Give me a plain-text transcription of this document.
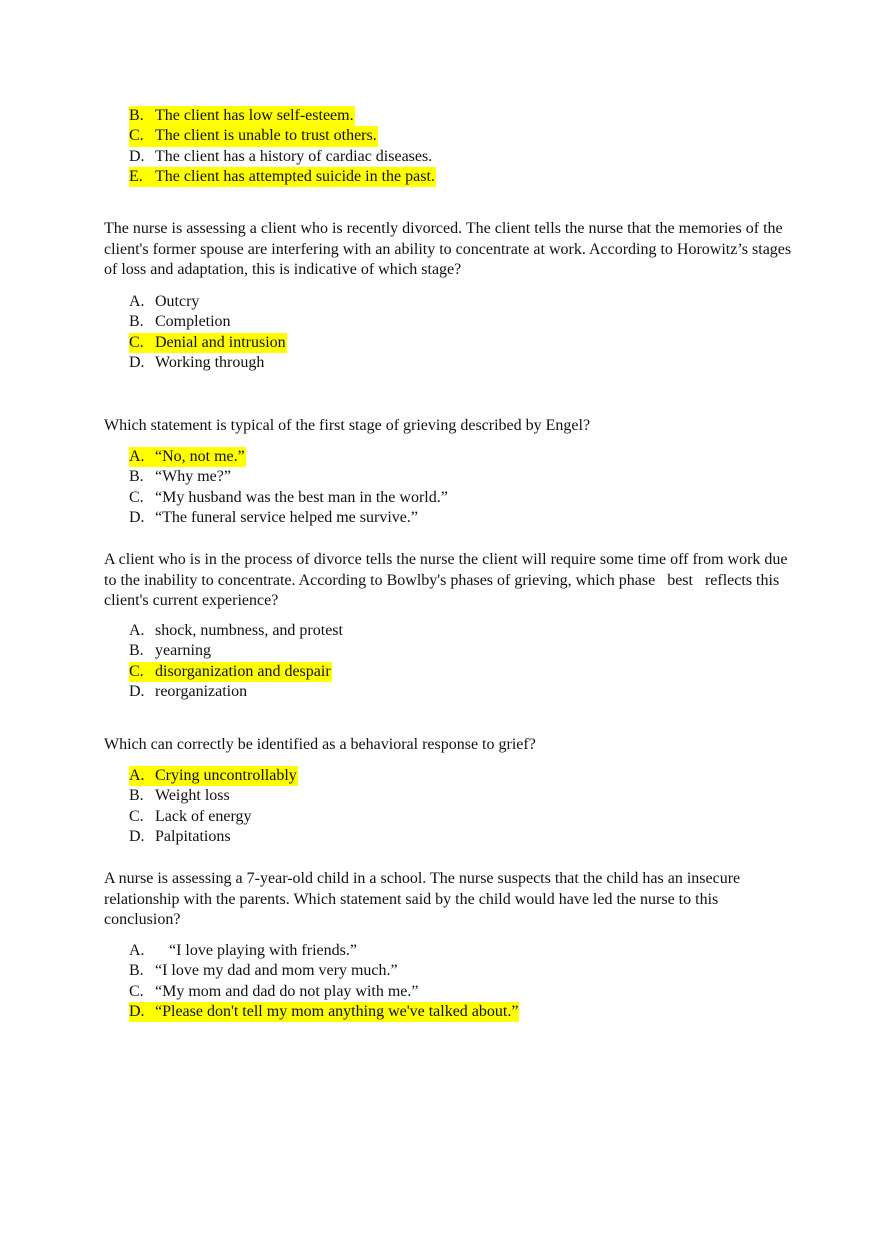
B. The client has low self-esteem.
C. The client is unable to trust others.
D. The client has a history of cardiac diseases.
E. The client has attempted suicide in the past.

The nurse is assessing a client who is recently divorced. The client tells the nurse that the memories of the client's former spouse are interfering with an ability to concentrate at work. According to Horowitz’s stages of loss and adaptation, this is indicative of which stage?

A. Outcry
B. Completion
C. Denial and intrusion
D. Working through

Which statement is typical of the first stage of grieving described by Engel?

A. “No, not me.”
B. “Why me?”
C. “My husband was the best man in the world.”
D. “The funeral service helped me survive.”

A client who is in the process of divorce tells the nurse the client will require some time off from work due to the inability to concentrate. According to Bowlby's phases of grieving, which phase   best   reflects this client's current experience?

A. shock, numbness, and protest
B. yearning
C. disorganization and despair
D. reorganization

Which can correctly be identified as a behavioral response to grief?

A. Crying uncontrollably
B. Weight loss
C. Lack of energy
D. Palpitations

A nurse is assessing a 7-year-old child in a school. The nurse suspects that the child has an insecure relationship with the parents. Which statement said by the child would have led the nurse to this conclusion?

A. “I love playing with friends.”
B. “I love my dad and mom very much.”
C. “My mom and dad do not play with me.”
D. “Please don't tell my mom anything we've talked about.”
